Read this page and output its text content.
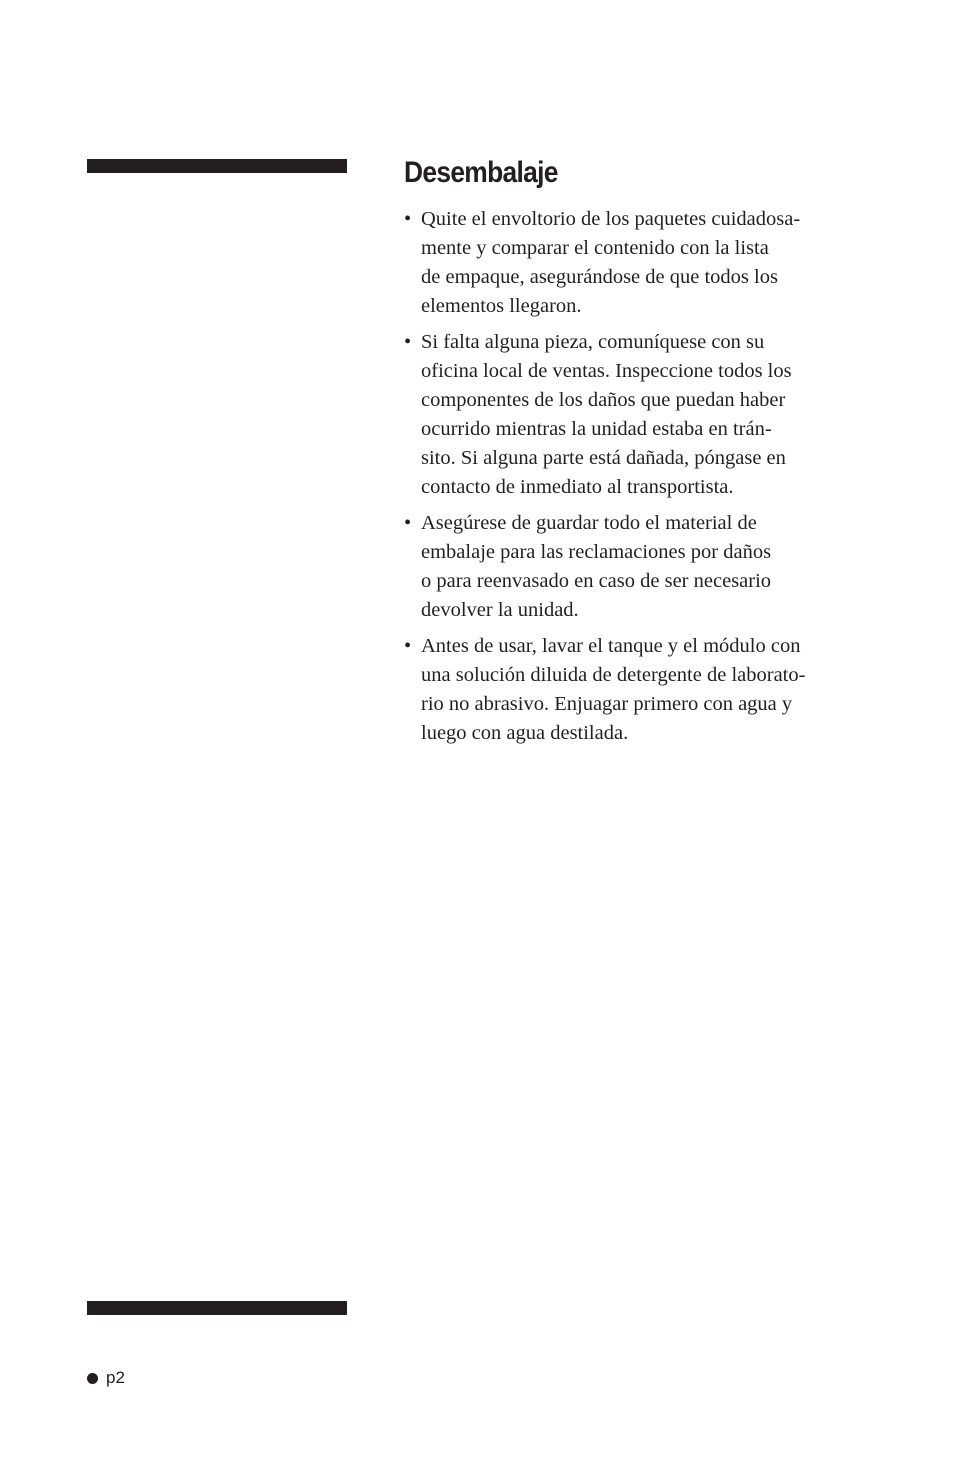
Desembalaje
• Quite el envoltorio de los paquetes cuidadosa-
mente y comparar el contenido con la lista
de empaque, asegurándose de que todos los
elementos llegaron.
• Si falta alguna pieza, comuníquese con su
oficina local de ventas. Inspeccione todos los
componentes de los daños que puedan haber
ocurrido mientras la unidad estaba en trán-
sito. Si alguna parte está dañada, póngase en
contacto de inmediato al transportista.
• Asegúrese de guardar todo el material de
embalaje para las reclamaciones por daños
o para reenvasado en caso de ser necesario
devolver la unidad.
• Antes de usar, lavar el tanque y el módulo con
una solución diluida de detergente de laborato-
rio no abrasivo. Enjuagar primero con agua y
luego con agua destilada.
p2
